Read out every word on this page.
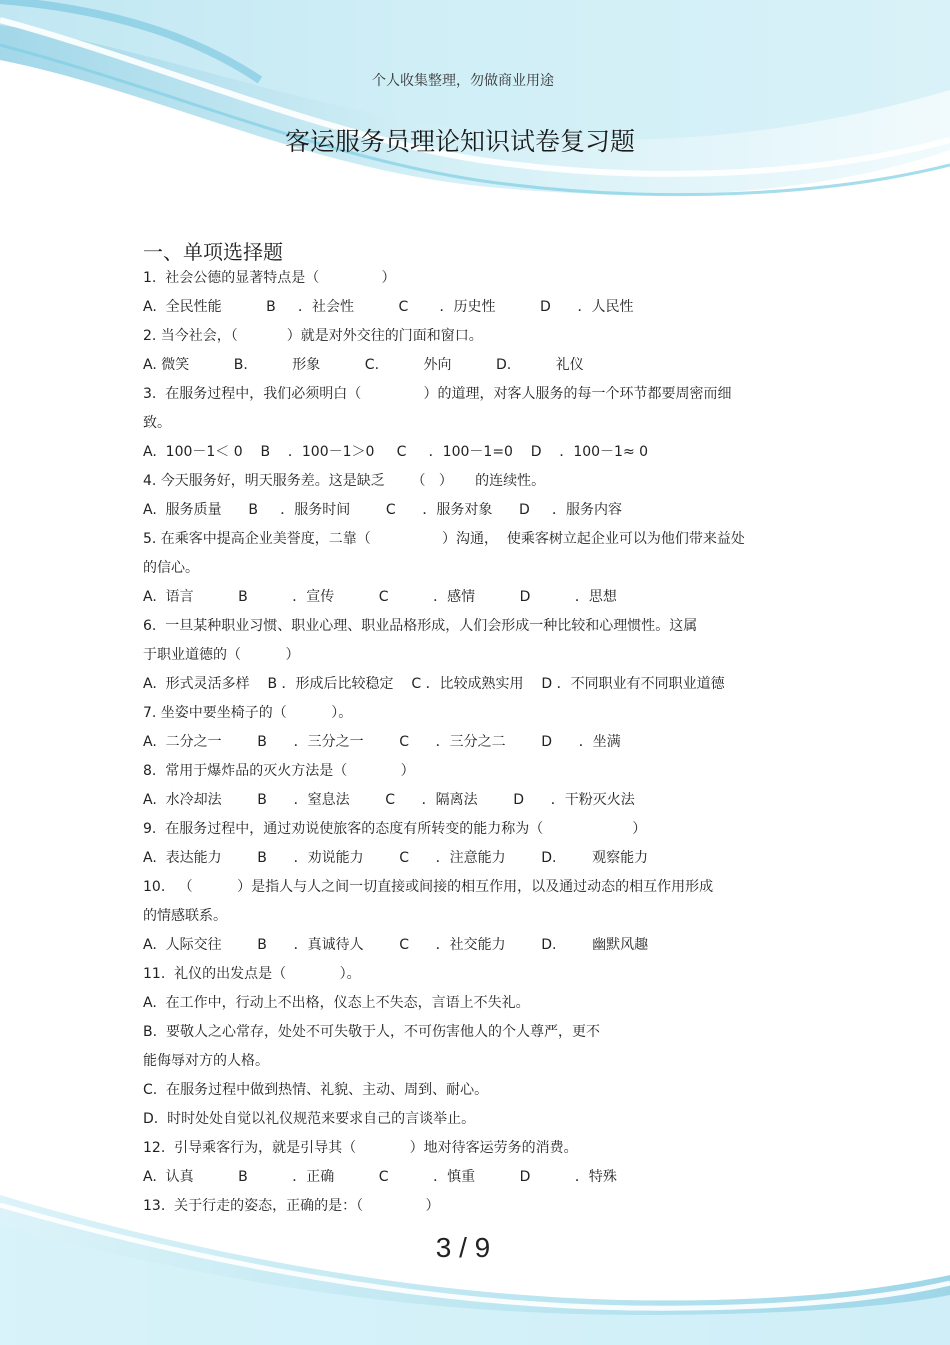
个人收集整理，勿做商业用途
客运服务员理论知识试卷复习题
一、单项选择题
1.  社会公德的显著特点是（              ）
A.  全民性能          B     ．社会性          C       ．历史性          D      ．人民性
2. 当今社会，（           ）就是对外交往的门面和窗口。
A. 微笑          B.          形象          C.          外向          D.          礼仪
3.  在服务过程中，我们必须明白（              ）的道理，对客人服务的每一个环节都要周密而细
致。
A.  100－1＜ 0    B    ．100－1＞0     C     ．100－1=0    D    ．100－1≈ 0
4. 今天服务好，明天服务差。这是缺乏      （   ）     的连续性。
A.  服务质量      B     ．服务时间        C      ．服务对象      D     ．服务内容
5. 在乘客中提高企业美誉度，二靠（                ）沟通，  使乘客树立起企业可以为他们带来益处
的信心。
A.  语言          B          ．宣传          C          ．感情          D          ．思想
6.  一旦某种职业习惯、职业心理、职业品格形成，人们会形成一种比较和心理惯性。这属
于职业道德的（          ）
A.  形式灵活多样    B ．形成后比较稳定    C ．比较成熟实用    D ．不同职业有不同职业道德
7. 坐姿中要坐椅子的（          ）。
A.  二分之一        B      ．三分之一        C      ．三分之二        D      ．坐满
8.  常用于爆炸品的灭火方法是（            ）
A.  水冷却法        B      ．窒息法        C      ．隔离法        D      ．干粉灭火法
9.  在服务过程中，通过劝说使旅客的态度有所转变的能力称为（                    ）
A.  表达能力        B      ．劝说能力        C      ．注意能力        D.        观察能力
10.   （          ）是指人与人之间一切直接或间接的相互作用，以及通过动态的相互作用形成
的情感联系。
A.  人际交往        B      ．真诚待人        C      ．社交能力        D.        幽默风趣
11.  礼仪的出发点是（            ）。
A.  在工作中，行动上不出格，仪态上不失态，言语上不失礼。
B.  要敬人之心常存，处处不可失敬于人，不可伤害他人的个人尊严，更不
能侮辱对方的人格。
C.  在服务过程中做到热情、礼貌、主动、周到、耐心。
D.  时时处处自觉以礼仪规范来要求自己的言谈举止。
12.  引导乘客行为，就是引导其（            ）地对待客运劳务的消费。
A.  认真          B          ．正确          C          ．慎重          D          ．特殊
13.  关于行走的姿态，正确的是：（              ）
3 / 9
